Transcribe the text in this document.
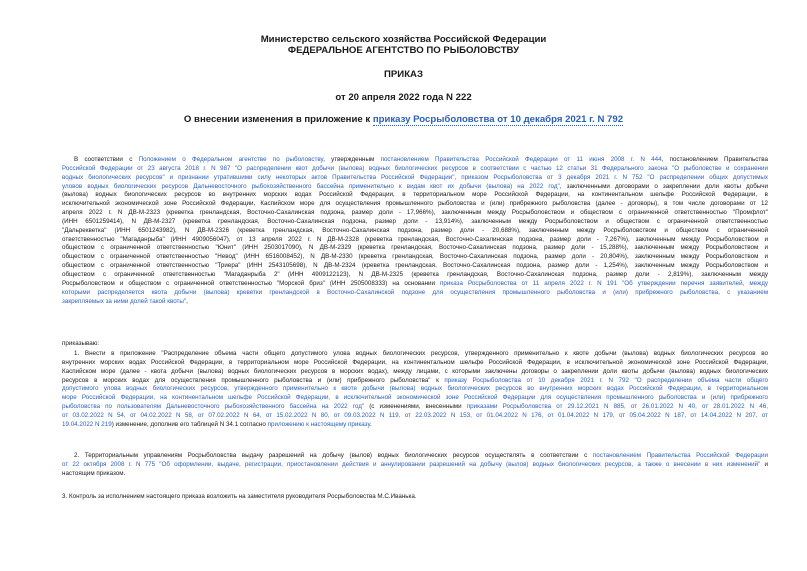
Министерство сельского хозяйства Российской Федерации
ФЕДЕРАЛЬНОЕ АГЕНТСТВО ПО РЫБОЛОВСТВУ
ПРИКАЗ
от 20 апреля 2022 года N 222
О внесении изменения в приложение к приказу Росрыболовства от 10 декабря 2021 г. N 792
В соответствии с Положением о Федеральном агентстве по рыболовству, утвержденным постановлением Правительства Российской Федерации от 11 июня 2008 г. N 444, постановлением Правительства
Российской Федерации от 23 августа 2018 г. N 987 "О распределении квот добычи (вылова) водных биологических ресурсов в соответствии с частью 12 статьи 31 Федерального закона "О рыболовстве и сохранении
водных биологических ресурсов" и признании утратившими силу некоторых актов Правительства Российской Федерации", приказом Росрыболовства от 3 декабря 2021 г. N 752 "О распределении общих допустимых
уловов водных биологических ресурсов Дальневосточного рыбохозяйственного бассейна применительно к видам квот их добычи (вылова) на 2022 год", заключенными договорами о закреплении доли квоты добычи
(вылова) водных биологических ресурсов во внутренних морских водах Российской Федерации, в территориальном море Российской Федерации, на континентальном шельфе Российской Федерации, в
исключительной экономической зоне Российской Федерации, Каспийском море для осуществления промышленного рыболовства и (или) прибрежного рыболовства (далее - договоры), в том числе договорами от 12
апреля 2022 г. N ДВ-М-2323 (креветка гренландская, Восточно-Сахалинская подзона, размер доли - 17,966%), заключенным между Росрыболовством и обществом с ограниченной ответственностью "Промфлот"
(ИНН 6501259414), N ДВ-М-2327 (креветка гренландская, Восточно-Сахалинская подзона, размер доли - 13,914%), заключенным между Росрыболовством и обществом с ограниченной ответственностью
"Дальрекветка" (ИНН 6501243982), N ДВ-М-2326 (креветка гренландская, Восточно-Сахалинская подзона, размер доли - 20,688%), заключенным между Росрыболовством и обществом с ограниченной
ответственностью "Магаданрыба" (ИНН 4909056047), от 13 апреля 2022 г. N ДВ-М-2328 (креветка гренландская, Восточно-Сахалинская подзона, размер доли - 7,267%), заключенным между Росрыболовством и
обществом с ограниченной ответственностью "Юнит" (ИНН 2503017090), N ДВ-М-2329 (креветка гренландская, Восточно-Сахалинская подзона, размер доли - 15,288%), заключенным между Росрыболовством и
обществом с ограниченной ответственностью "Невод" (ИНН 6516008452), N ДВ-М-2330 (креветка гренландская, Восточно-Сахалинская подзона, размер доли - 20,804%), заключенным между Росрыболовством и
обществом с ограниченной ответственностью "Триера" (ИНН 2543105698), N ДВ-М-2324 (креветка гренландская, Восточно-Сахалинская подзона, размер доли - 1,254%), заключенным между Росрыболовством и
обществом с ограниченной ответственностью "Магаданрыба 2" (ИНН 4909122123), N ДВ-М-2325 (креветка гренландская, Восточно-Сахалинская подзона, размер доли - 2,819%), заключенным между
Росрыболовством и обществом с ограниченной ответственностью "Морской бриз" (ИНН 2505008333) на основании приказа Росрыболовства от 11 апреля 2022 г. N 191 "Об утверждении перечня заявителей, между
которыми распределяется квота добычи (вылова) креветки гренландской в Восточно-Сахалинской подзоне для осуществления промышленного рыболовства и (или) прибрежного рыболовства, с указанием
закрепляемых за ними долей такой квоты",
приказываю:
1. Внести в приложение "Распределение объема части общего допустимого улова водных биологических ресурсов, утвержденного применительно к квоте добычи (вылова) водных биологических ресурсов во
внутренних морских водах Российской Федерации, в территориальном море Российской Федерации, на континентальном шельфе Российской Федерации, в исключительной экономической зоне Российской Федерации,
Каспийском море (далее - квота добычи (вылова) водных биологических ресурсов в морских водах), между лицами, с которыми заключены договоры о закреплении доли квоты добычи (вылова) водных биологических
ресурсов в морских водах для осуществления промышленного рыболовства и (или) прибрежного рыболовства" к приказу Росрыболовства от 10 декабря 2021 г. N 792 "О распределении объема части общего
допустимого улова водных биологических ресурсов, утвержденного применительно к квоте добычи (вылова) водных биологических ресурсов во внутренних морских водах Российской Федерации, в территориальном
море Российской Федерации, на континентальном шельфе Российской Федерации, в исключительной экономической зоне Российской Федерации для осуществления промышленного рыболовства и (или) прибрежного
рыболовства по пользователям Дальневосточного рыбохозяйственного бассейна на 2022 год" (с изменениями, внесенными приказами Росрыболовства от 29.12.2021 N 885, от 26.01.2022 N 40, от 28.01.2022 N 46,
от 03.02.2022 N 54, от 04.02.2022 N 58, от 07.02.2022 N 64, от 15.02.2022 N 80, от 09.03.2022 N 119, от 22.03.2022 N 153, от 01.04.2022 N 176, от 01.04.2022 N 179, от 05.04.2022 N 187, от 14.04.2022 N 207, от
19.04.2022 N 219) изменение, дополнив его таблицей N 34.1 согласно приложению к настоящему приказу.
2. Территориальным управлениям Росрыболовства выдачу разрешений на добычу (вылов) водных биологических ресурсов осуществлять в соответствии с постановлением Правительства Российской Федерации
от 22 октября 2008 г. N 775 "Об оформлении, выдаче, регистрации, приостановлении действия и аннулировании разрешений на добычу (вылов) водных биологических ресурсов, а также о внесении в них изменений" и
настоящим приказом.
3. Контроль за исполнением настоящего приказа возложить на заместителя руководителя Росрыболовства М.С.Иванька.
